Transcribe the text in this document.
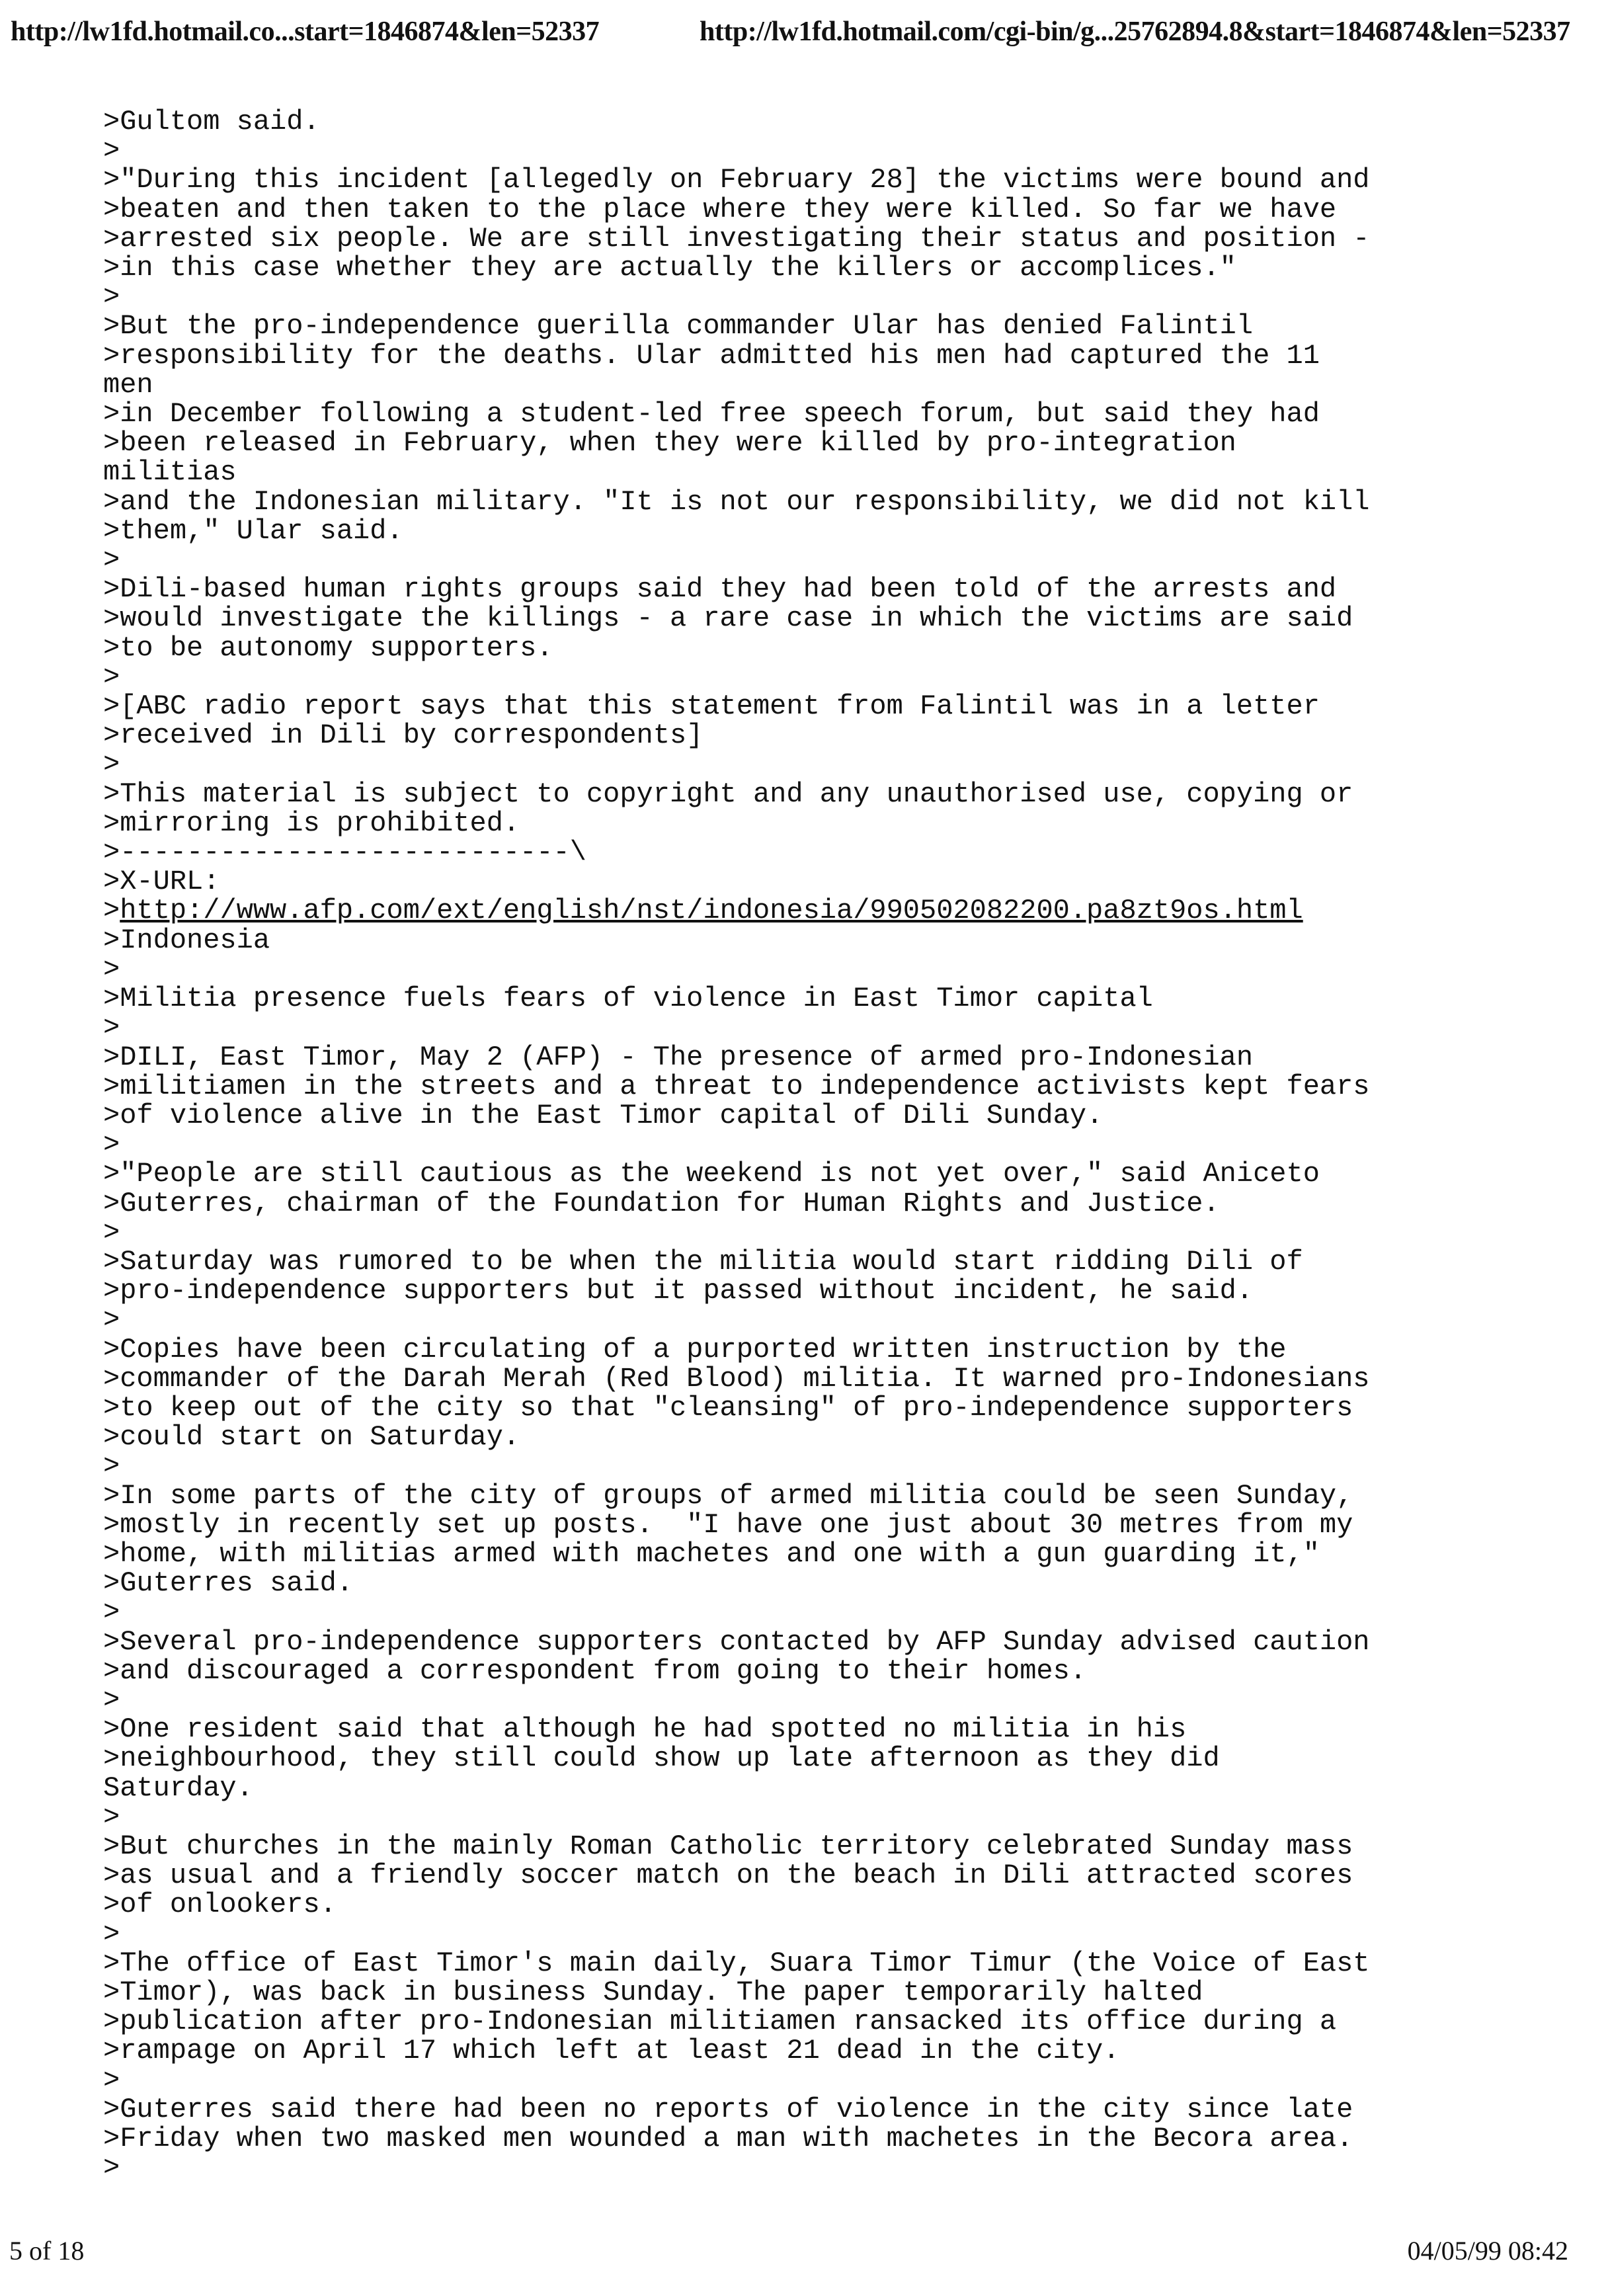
http://lw1fd.hotmail.co...start=1846874&len=52337	http://lw1fd.hotmail.com/cgi-bin/g...25762894.8&start=1846874&len=52337
>Gultom said.
>
>"During this incident [allegedly on February 28] the victims were bound and
>beaten and then taken to the place where they were killed. So far we have
>arrested six people. We are still investigating their status and position -
>in this case whether they are actually the killers or accomplices."
>
>But the pro-independence guerilla commander Ular has denied Falintil
>responsibility for the deaths. Ular admitted his men had captured the 11
men
>in December following a student-led free speech forum, but said they had
>been released in February, when they were killed by pro-integration
militias
>and the Indonesian military. "It is not our responsibility, we did not kill
>them," Ular said.
>
>Dili-based human rights groups said they had been told of the arrests and
>would investigate the killings - a rare case in which the victims are said
>to be autonomy supporters.
>
>[ABC radio report says that this statement from Falintil was in a letter
>received in Dili by correspondents]
>
>This material is subject to copyright and any unauthorised use, copying or
>mirroring is prohibited.
>---------------------------\
>X-URL:
>http://www.afp.com/ext/english/nst/indonesia/990502082200.pa8zt9os.html
>Indonesia
>
>Militia presence fuels fears of violence in East Timor capital
>
>DILI, East Timor, May 2 (AFP) - The presence of armed pro-Indonesian
>militiamen in the streets and a threat to independence activists kept fears
>of violence alive in the East Timor capital of Dili Sunday.
>
>"People are still cautious as the weekend is not yet over," said Aniceto
>Guterres, chairman of the Foundation for Human Rights and Justice.
>
>Saturday was rumored to be when the militia would start ridding Dili of
>pro-independence supporters but it passed without incident, he said.
>
>Copies have been circulating of a purported written instruction by the
>commander of the Darah Merah (Red Blood) militia. It warned pro-Indonesians
>to keep out of the city so that "cleansing" of pro-independence supporters
>could start on Saturday.
>
>In some parts of the city of groups of armed militia could be seen Sunday,
>mostly in recently set up posts.  "I have one just about 30 metres from my
>home, with militias armed with machetes and one with a gun guarding it,"
>Guterres said.
>
>Several pro-independence supporters contacted by AFP Sunday advised caution
>and discouraged a correspondent from going to their homes.
>
>One resident said that although he had spotted no militia in his
>neighbourhood, they still could show up late afternoon as they did
Saturday.
>
>But churches in the mainly Roman Catholic territory celebrated Sunday mass
>as usual and a friendly soccer match on the beach in Dili attracted scores
>of onlookers.
>
>The office of East Timor's main daily, Suara Timor Timur (the Voice of East
>Timor), was back in business Sunday. The paper temporarily halted
>publication after pro-Indonesian militiamen ransacked its office during a
>rampage on April 17 which left at least 21 dead in the city.
>
>Guterres said there had been no reports of violence in the city since late
>Friday when two masked men wounded a man with machetes in the Becora area.
>
5 of 18	04/05/99 08:42
